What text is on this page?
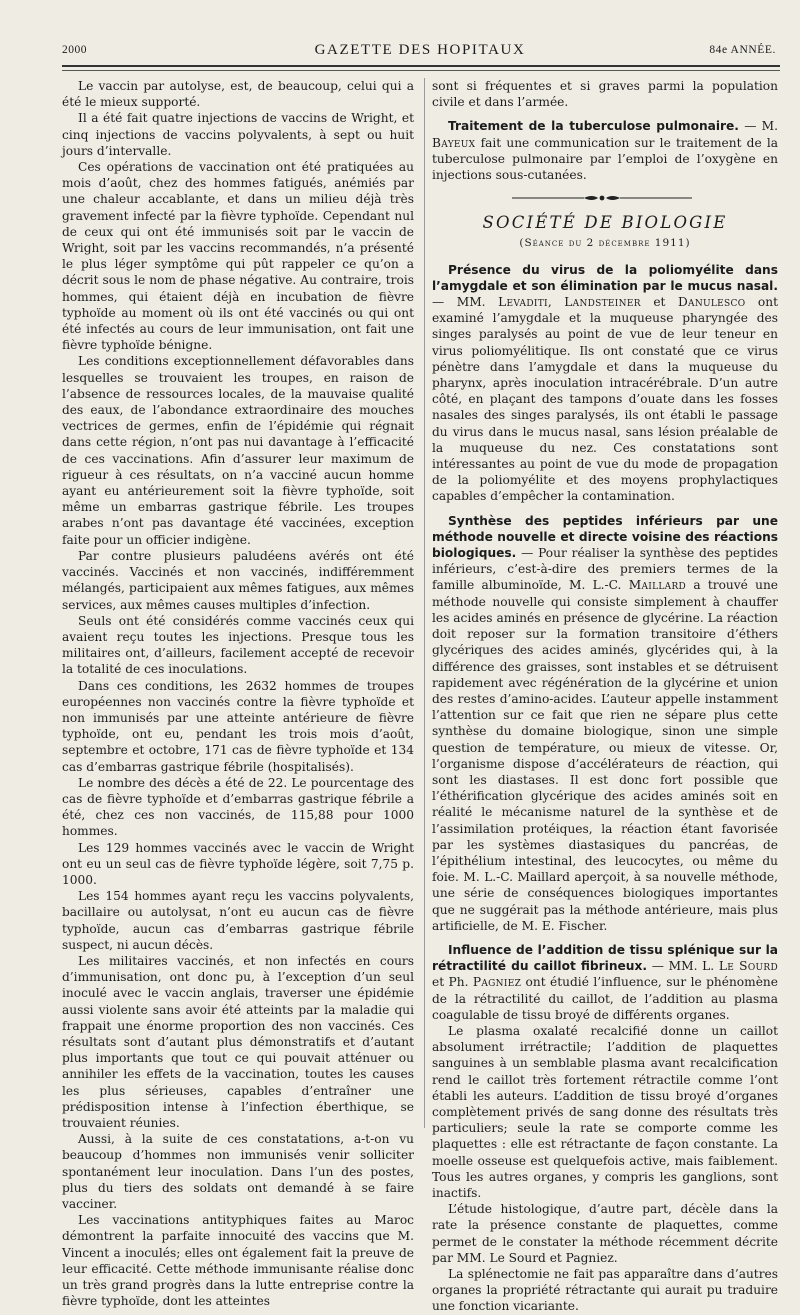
2000	GAZETTE DES HOPITAUX	84e ANNÉE.

Le vaccin par autolyse, est, de beaucoup, celui qui a été le mieux supporté.

Il a été fait quatre injections de vaccins de Wright, et cinq injections de vaccins polyvalents, à sept ou huit jours d’intervalle.

Ces opérations de vaccination ont été pratiquées au mois d’août, chez des hommes fatigués, anémiés par une chaleur accablante, et dans un milieu déjà très gravement infecté par la fièvre typhoïde. Cependant nul de ceux qui ont été immunisés soit par le vaccin de Wright, soit par les vaccins recommandés, n’a présenté le plus léger symptôme qui pût rappeler ce qu’on a décrit sous le nom de phase négative. Au contraire, trois hommes, qui étaient déjà en incubation de fièvre typhoïde au moment où ils ont été vaccinés ou qui ont été infectés au cours de leur immunisation, ont fait une fièvre typhoïde bénigne.

Les conditions exceptionnellement défavorables dans lesquelles se trouvaient les troupes, en raison de l’absence de ressources locales, de la mauvaise qualité des eaux, de l’abondance extraordinaire des mouches vectrices de germes, enfin de l’épidémie qui régnait dans cette région, n’ont pas nui davantage à l’efficacité de ces vaccinations. Afin d’assurer leur maximum de rigueur à ces résultats, on n’a vacciné aucun homme ayant eu antérieurement soit la fièvre typhoïde, soit même un embarras gastrique fébrile. Les troupes arabes n’ont pas davantage été vaccinées, exception faite pour un officier indigène.

Par contre plusieurs paludéens avérés ont été vaccinés. Vaccinés et non vaccinés, indifféremment mélangés, participaient aux mêmes fatigues, aux mêmes services, aux mêmes causes multiples d’infection.

Seuls ont été considérés comme vaccinés ceux qui avaient reçu toutes les injections. Presque tous les militaires ont, d’ailleurs, facilement accepté de recevoir la totalité de ces inoculations.

Dans ces conditions, les 2632 hommes de troupes européennes non vaccinés contre la fièvre typhoïde et non immunisés par une atteinte antérieure de fièvre typhoïde, ont eu, pendant les trois mois d’août, septembre et octobre, 171 cas de fièvre typhoïde et 134 cas d’embarras gastrique fébrile (hospitalisés).

Le nombre des décès a été de 22. Le pourcentage des cas de fièvre typhoïde et d’embarras gastrique fébrile a été, chez ces non vaccinés, de 115,88 pour 1000 hommes.

Les 129 hommes vaccinés avec le vaccin de Wright ont eu un seul cas de fièvre typhoïde légère, soit 7,75 p. 1000.

Les 154 hommes ayant reçu les vaccins polyvalents, bacillaire ou autolysat, n’ont eu aucun cas de fièvre typhoïde, aucun cas d’embarras gastrique fébrile suspect, ni aucun décès.

Les militaires vaccinés, et non infectés en cours d’immunisation, ont donc pu, à l’exception d’un seul inoculé avec le vaccin anglais, traverser une épidémie aussi violente sans avoir été atteints par la maladie qui frappait une énorme proportion des non vaccinés. Ces résultats sont d’autant plus démonstratifs et d’autant plus importants que tout ce qui pouvait atténuer ou annihiler les effets de la vaccination, toutes les causes les plus sérieuses, capables d’entraîner une prédisposition intense à l’infection éberthique, se trouvaient réunies.

Aussi, à la suite de ces constatations, a-t-on vu beaucoup d’hommes non immunisés venir solliciter spontanément leur inoculation. Dans l’un des postes, plus du tiers des soldats ont demandé à se faire vacciner.

Les vaccinations antityphiques faites au Maroc démontrent la parfaite innocuité des vaccins que M. Vincent a inoculés; elles ont également fait la preuve de leur efficacité. Cette méthode immunisante réalise donc un très grand progrès dans la lutte entreprise contre la fièvre typhoïde, dont les atteintes

sont si fréquentes et si graves parmi la population civile et dans l’armée.

Traitement de la tuberculose pulmonaire. — M. Bayeux fait une communication sur le traitement de la tuberculose pulmonaire par l’emploi de l’oxygène en injections sous-cutanées.

SOCIÉTÉ DE BIOLOGIE
(Séance du 2 décembre 1911)

Présence du virus de la poliomyélite dans l’amygdale et son élimination par le mucus nasal. — MM. Levaditi, Landsteiner et Danulesco ont examiné l’amygdale et la muqueuse pharyngée des singes paralysés au point de vue de leur teneur en virus poliomyélitique. Ils ont constaté que ce virus pénètre dans l’amygdale et dans la muqueuse du pharynx, après inoculation intracérébrale. D’un autre côté, en plaçant des tampons d’ouate dans les fosses nasales des singes paralysés, ils ont établi le passage du virus dans le mucus nasal, sans lésion préalable de la muqueuse du nez. Ces constatations sont intéressantes au point de vue du mode de propagation de la poliomyélite et des moyens prophylactiques capables d’empêcher la contamination.

Synthèse des peptides inférieurs par une méthode nouvelle et directe voisine des réactions biologiques. — Pour réaliser la synthèse des peptides inférieurs, c’est-à-dire des premiers termes de la famille albuminoïde, M. L.-C. Maillard a trouvé une méthode nouvelle qui consiste simplement à chauffer les acides aminés en présence de glycérine. La réaction doit reposer sur la formation transitoire d’éthers glycériques des acides aminés, glycérides qui, à la différence des graisses, sont instables et se détruisent rapidement avec régénération de la glycérine et union des restes d’amino-acides. L’auteur appelle instamment l’attention sur ce fait que rien ne sépare plus cette synthèse du domaine biologique, sinon une simple question de température, ou mieux de vitesse. Or, l’organisme dispose d’accélérateurs de réaction, qui sont les diastases. Il est donc fort possible que l’éthérification glycérique des acides aminés soit en réalité le mécanisme naturel de la synthèse et de l’assimilation protéiques, la réaction étant favorisée par les systèmes diastasiques du pancréas, de l’épithélium intestinal, des leucocytes, ou même du foie. M. L.-C. Maillard aperçoit, à sa nouvelle méthode, une série de conséquences biologiques importantes que ne suggérait pas la méthode antérieure, mais plus artificielle, de M. E. Fischer.

Influence de l’addition de tissu splénique sur la rétractilité du caillot fibrineux. — MM. L. Le Sourd et Ph. Pagniez ont étudié l’influence, sur le phénomène de la rétractilité du caillot, de l’addition au plasma coagulable de tissu broyé de différents organes.

Le plasma oxalaté recalcifié donne un caillot absolument irrétractile; l’addition de plaquettes sanguines à un semblable plasma avant recalcification rend le caillot très fortement rétractile comme l’ont établi les auteurs. L’addition de tissu broyé d’organes complètement privés de sang donne des résultats très particuliers; seule la rate se comporte comme les plaquettes : elle est rétractante de façon constante. La moelle osseuse est quelquefois active, mais faiblement. Tous les autres organes, y compris les ganglions, sont inactifs.

L’étude histologique, d’autre part, décèle dans la rate la présence constante de plaquettes, comme permet de le constater la méthode récemment décrite par MM. Le Sourd et Pagniez.

La splénectomie ne fait pas apparaître dans d’autres organes la propriété rétractante qui aurait pu traduire une fonction vicariante.
